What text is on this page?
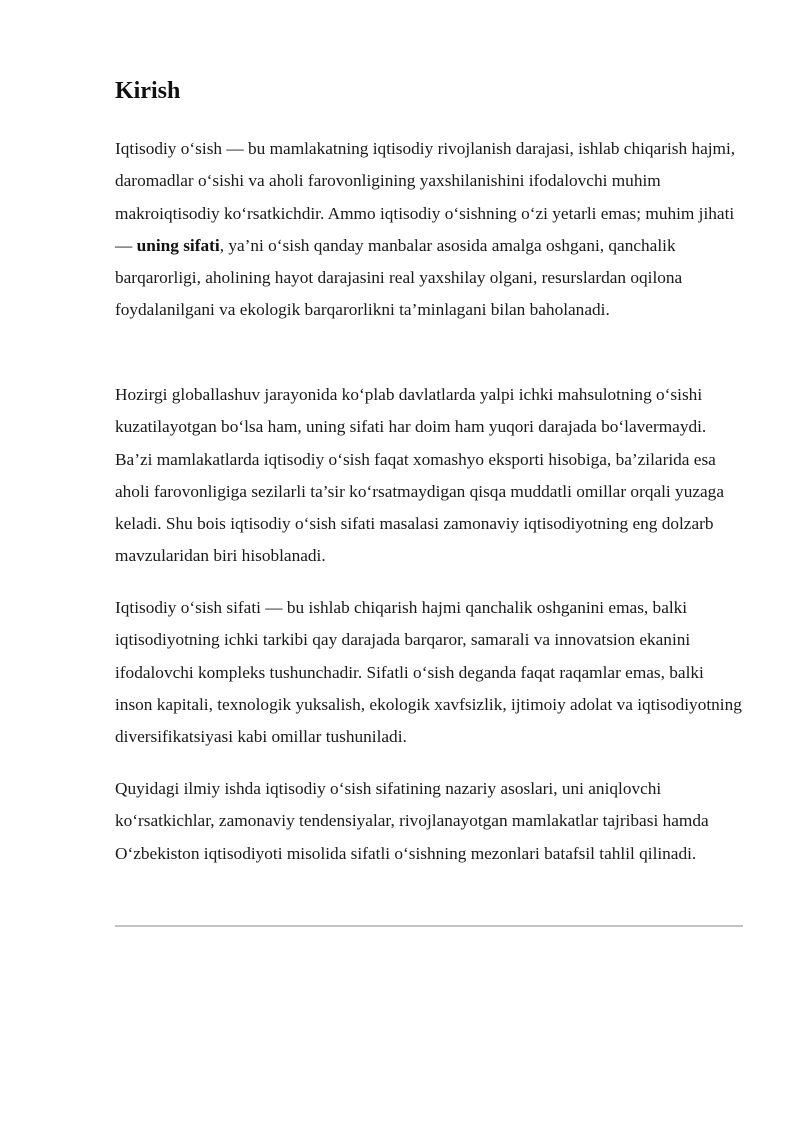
Kirish

Iqtisodiy o‘sish — bu mamlakatning iqtisodiy rivojlanish darajasi, ishlab chiqarish hajmi, daromadlar o‘sishi va aholi farovonligining yaxshilanishini ifodalovchi muhim makroiqtisodiy ko‘rsatkichdir. Ammo iqtisodiy o‘sishning o‘zi yetarli emas; muhim jihati — uning sifati, ya’ni o‘sish qanday manbalar asosida amalga oshgani, qanchalik barqarorligi, aholining hayot darajasini real yaxshilay olgani, resurslardan oqilona foydalanilgani va ekologik barqarorlikni ta’minlagani bilan baholanadi.

Hozirgi globallashuv jarayonida ko‘plab davlatlarda yalpi ichki mahsulotning o‘sishi kuzatilayotgan bo‘lsa ham, uning sifati har doim ham yuqori darajada bo‘lavermaydi. Ba’zi mamlakatlarda iqtisodiy o‘sish faqat xomashyo eksporti hisobiga, ba’zilarida esa aholi farovonligiga sezilarli ta’sir ko‘rsatmaydigan qisqa muddatli omillar orqali yuzaga keladi. Shu bois iqtisodiy o‘sish sifati masalasi zamonaviy iqtisodiyotning eng dolzarb mavzularidan biri hisoblanadi.

Iqtisodiy o‘sish sifati — bu ishlab chiqarish hajmi qanchalik oshganini emas, balki iqtisodiyotning ichki tarkibi qay darajada barqaror, samarali va innovatsion ekanini ifodalovchi kompleks tushunchadir. Sifatli o‘sish deganda faqat raqamlar emas, balki inson kapitali, texnologik yuksalish, ekologik xavfsizlik, ijtimoiy adolat va iqtisodiyotning diversifikatsiyasi kabi omillar tushuniladi.

Quyidagi ilmiy ishda iqtisodiy o‘sish sifatining nazariy asoslari, uni aniqlovchi ko‘rsatkichlar, zamonaviy tendensiyalar, rivojlanayotgan mamlakatlar tajribasi hamda O‘zbekiston iqtisodiyoti misolida sifatli o‘sishning mezonlari batafsil tahlil qilinadi.
